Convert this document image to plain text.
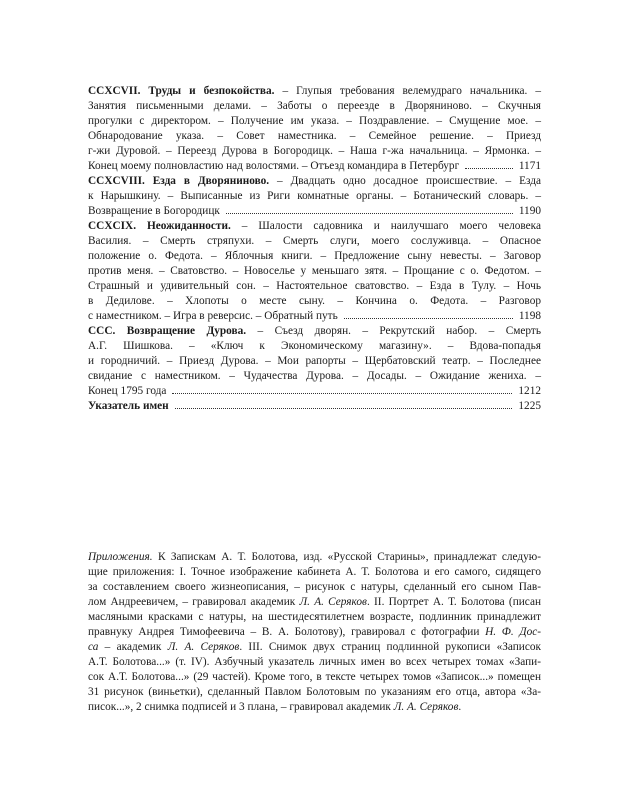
CCXCVII. Труды и безпокойства. – Глупыя требования велемудраго начальника. –
Занятия письменными делами. – Заботы о переезде в Дворяниново. – Скучныя
прогулки с директором. – Получение им указа. – Поздравление. – Смущение мое. –
Обнародование указа. – Совет наместника. – Семейное решение. – Приезд
г-жи Дуровой. – Переезд Дурова в Богородицк. – Наша г-жа начальница. – Ярмонка. –
Конец моему полновластию над волостями. – Отъезд командира в Петербург	1171
CCXCVIII. Езда в Дворяниново. – Двадцать одно досадное происшествие. – Езда
к Нарышкину. – Выписанные из Риги комнатные органы. – Ботанический словарь. –
Возвращение в Богородицк	1190
CCXCIX. Неожиданности. – Шалости садовника и наилучшаго моего человека
Василия. – Смерть стряпухи. – Смерть слуги, моего сослуживца. – Опасное
положение о. Федота. – Яблочныя книги. – Предложение сыну невесты. – Заговор
против меня. – Сватовство. – Новоселье у меньшаго зятя. – Прощание с о. Федотом. –
Страшный и удивительный сон. – Настоятельное сватовство. – Езда в Тулу. – Ночь
в Дедилове. – Хлопоты о месте сыну. – Кончина о. Федота. – Разговор
с наместником. – Игра в реверсис. – Обратный путь	1198
CCC. Возвращение Дурова. – Съезд дворян. – Рекрутский набор. – Смерть
А.Г. Шишкова. – «Ключ к Экономическому магазину». – Вдова-попадья
и городничий. – Приезд Дурова. – Мои рапорты – Щербатовский театр. – Последнее
свидание с наместником. – Чудачества Дурова. – Досады. – Ожидание жениха. –
Конец 1795 года	1212
Указатель имен	1225
Приложения. К Запискам А. Т. Болотова, изд. «Русской Старины», принадлежат следую-
щие приложения: I. Точное изображение кабинета А. Т. Болотова и его самого, сидящего
за составлением своего жизнеописания, – рисунок с натуры, сделанный его сыном Пав-
лом Андреевичем, – гравировал академик Л. А. Серяков. II. Портрет А. Т. Болотова (писан
масляными красками с натуры, на шестидесятилетнем возрасте, подлинник принадлежит
правнуку Андрея Тимофеевича – В. А. Болотову), гравировал с фотографии Н. Ф. Дос-
са – академик Л. А. Серяков. III. Снимок двух страниц подлинной рукописи «Записок
А.Т. Болотова...» (т. IV). Азбучный указатель личных имен во всех четырех томах «Запи-
сок А.Т. Болотова...» (29 частей). Кроме того, в тексте четырех томов «Записок...» помещен
31 рисунок (виньетки), сделанный Павлом Болотовым по указаниям его отца, автора «За-
писок...», 2 снимка подписей и 3 плана, – гравировал академик Л. А. Серяков.
